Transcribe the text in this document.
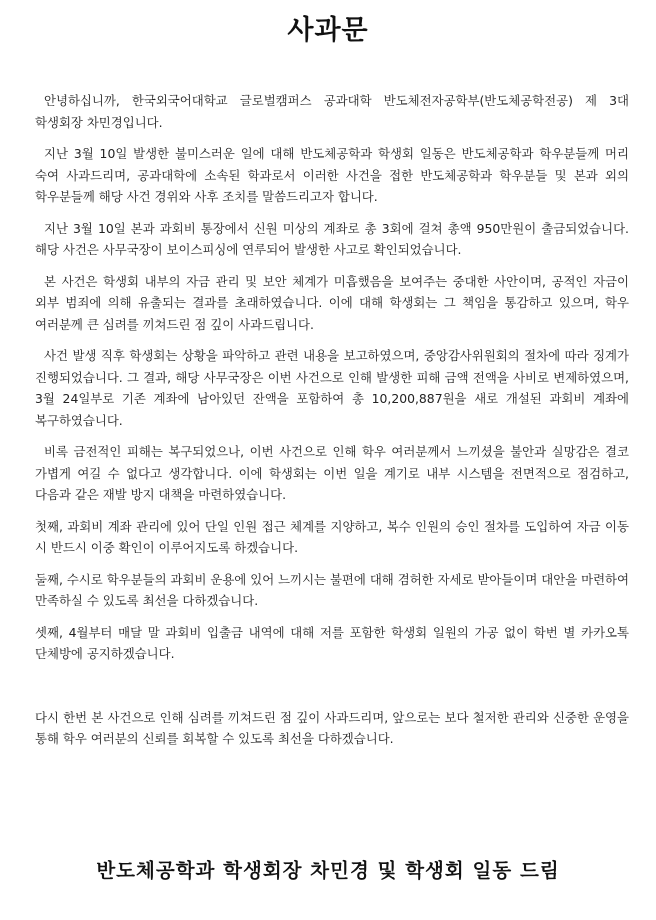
사과문

안녕하십니까, 한국외국어대학교 글로벌캠퍼스 공과대학 반도체전자공학부(반도체공학전공) 제 3대 학생회장 차민경입니다.

지난 3월 10일 발생한 불미스러운 일에 대해 반도체공학과 학생회 일동은 반도체공학과 학우분들께 머리 숙여 사과드리며, 공과대학에 소속된 학과로서 이러한 사건을 접한 반도체공학과 학우분들 및 본과 외의 학우분들께 해당 사건 경위와 사후 조치를 말씀드리고자 합니다.

지난 3월 10일 본과 과회비 통장에서 신원 미상의 계좌로 총 3회에 걸쳐 총액 950만원이 출금되었습니다. 해당 사건은 사무국장이 보이스피싱에 연루되어 발생한 사고로 확인되었습니다.

본 사건은 학생회 내부의 자금 관리 및 보안 체계가 미흡했음을 보여주는 중대한 사안이며, 공적인 자금이 외부 범죄에 의해 유출되는 결과를 초래하였습니다. 이에 대해 학생회는 그 책임을 통감하고 있으며, 학우 여러분께 큰 심려를 끼쳐드린 점 깊이 사과드립니다.

사건 발생 직후 학생회는 상황을 파악하고 관련 내용을 보고하였으며, 중앙감사위원회의 절차에 따라 징계가 진행되었습니다. 그 결과, 해당 사무국장은 이번 사건으로 인해 발생한 피해 금액 전액을 사비로 변제하였으며, 3월 24일부로 기존 계좌에 남아있던 잔액을 포함하여 총 10,200,887원을 새로 개설된 과회비 계좌에 복구하였습니다.

비록 금전적인 피해는 복구되었으나, 이번 사건으로 인해 학우 여러분께서 느끼셨을 불안과 실망감은 결코 가볍게 여길 수 없다고 생각합니다. 이에 학생회는 이번 일을 계기로 내부 시스템을 전면적으로 점검하고, 다음과 같은 재발 방지 대책을 마련하였습니다.

첫째, 과회비 계좌 관리에 있어 단일 인원 접근 체계를 지양하고, 복수 인원의 승인 절차를 도입하여 자금 이동 시 반드시 이중 확인이 이루어지도록 하겠습니다.

둘째, 수시로 학우분들의 과회비 운용에 있어 느끼시는 불편에 대해 겸허한 자세로 받아들이며 대안을 마련하여 만족하실 수 있도록 최선을 다하겠습니다.

셋째, 4월부터 매달 말 과회비 입출금 내역에 대해 저를 포함한 학생회 일원의 가공 없이 학번 별 카카오톡 단체방에 공지하겠습니다.

다시 한번 본 사건으로 인해 심려를 끼쳐드린 점 깊이 사과드리며, 앞으로는 보다 철저한 관리와 신중한 운영을 통해 학우 여러분의 신뢰를 회복할 수 있도록 최선을 다하겠습니다.

반도체공학과 학생회장 차민경 및 학생회 일동 드림
